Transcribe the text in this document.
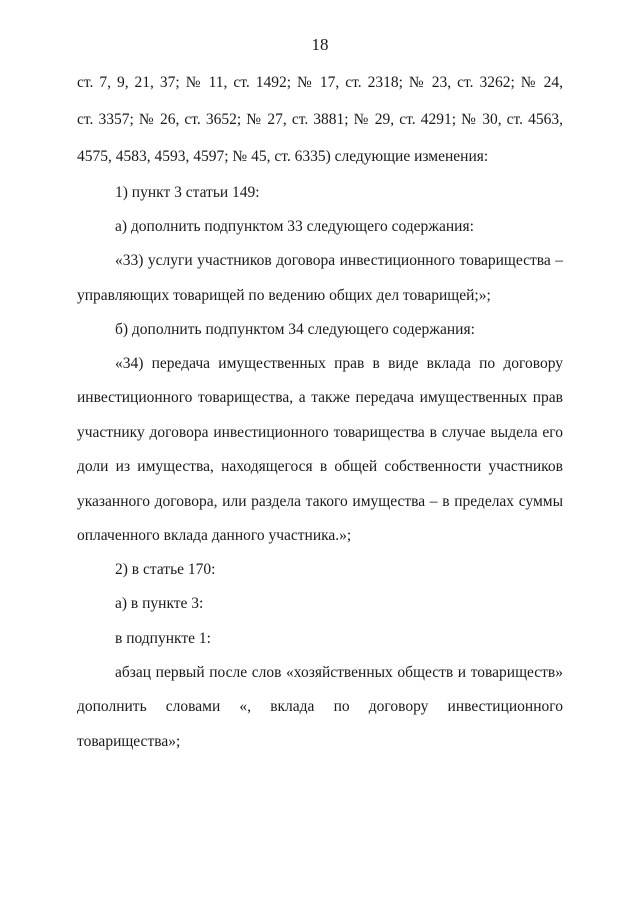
18
ст. 7, 9, 21, 37; № 11, ст. 1492; № 17, ст. 2318; № 23, ст. 3262; № 24,
ст. 3357; № 26, ст. 3652; № 27, ст. 3881; № 29, ст. 4291; № 30, ст. 4563,
4575, 4583, 4593, 4597; № 45, ст. 6335) следующие изменения:
1) пункт 3 статьи 149:
а) дополнить подпунктом 33 следующего содержания:
«33) услуги участников договора инвестиционного товарищества –
управляющих товарищей по ведению общих дел товарищей;»;
б) дополнить подпунктом 34 следующего содержания:
«34) передача имущественных прав в виде вклада по договору
инвестиционного товарищества, а также передача имущественных прав
участнику договора инвестиционного товарищества в случае выдела его
доли из имущества, находящегося в общей собственности участников
указанного договора, или раздела такого имущества – в пределах суммы
оплаченного вклада данного участника.»;
2) в статье 170:
а) в пункте 3:
в подпункте 1:
абзац первый после слов «хозяйственных обществ и товариществ»
дополнить словами «, вклада по договору инвестиционного
товарищества»;
